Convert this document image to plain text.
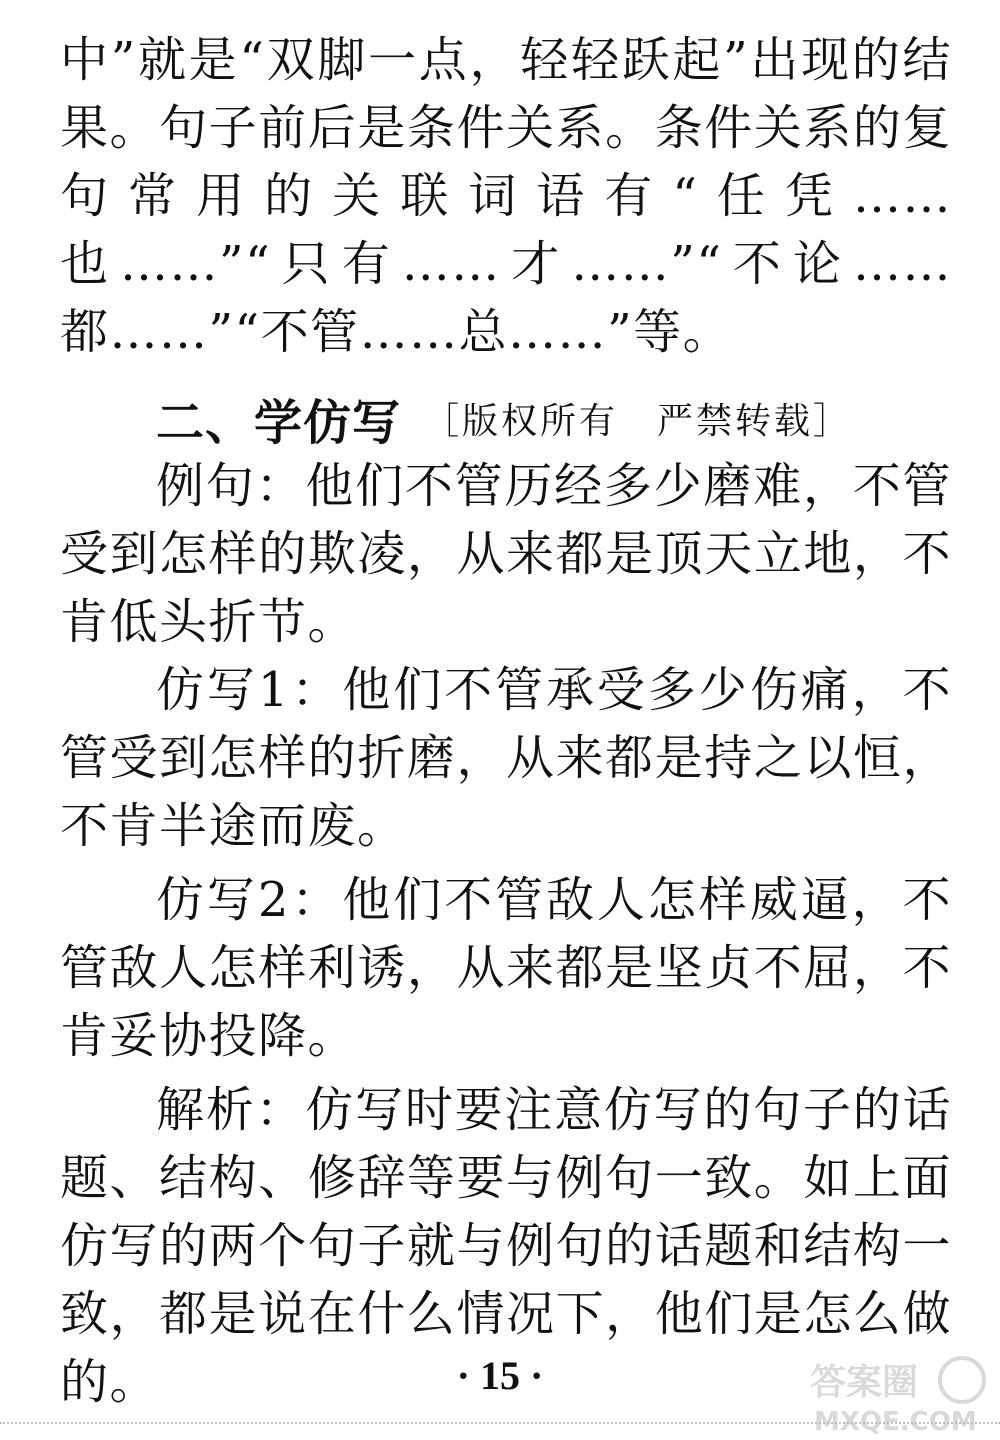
中”就是“双脚一点，轻轻跃起”出现的结果。句子前后是条件关系。条件关系的复句常用的关联词语有“任凭……也……”“只有……才……”“不论……都……”“不管……总……”等。

二、学仿写 ［版权所有　严禁转载］

例句：他们不管历经多少磨难，不管受到怎样的欺凌，从来都是顶天立地，不肯低头折节。

仿写1：他们不管承受多少伤痛，不管受到怎样的折磨，从来都是持之以恒，不肯半途而废。

仿写2：他们不管敌人怎样威逼，不管敌人怎样利诱，从来都是坚贞不屈，不肯妥协投降。

解析：仿写时要注意仿写的句子的话题、结构、修辞等要与例句一致。如上面仿写的两个句子就与例句的话题和结构一致，都是说在什么情况下，他们是怎么做的。	· 15 ·	答案圈
MXQE.COM
